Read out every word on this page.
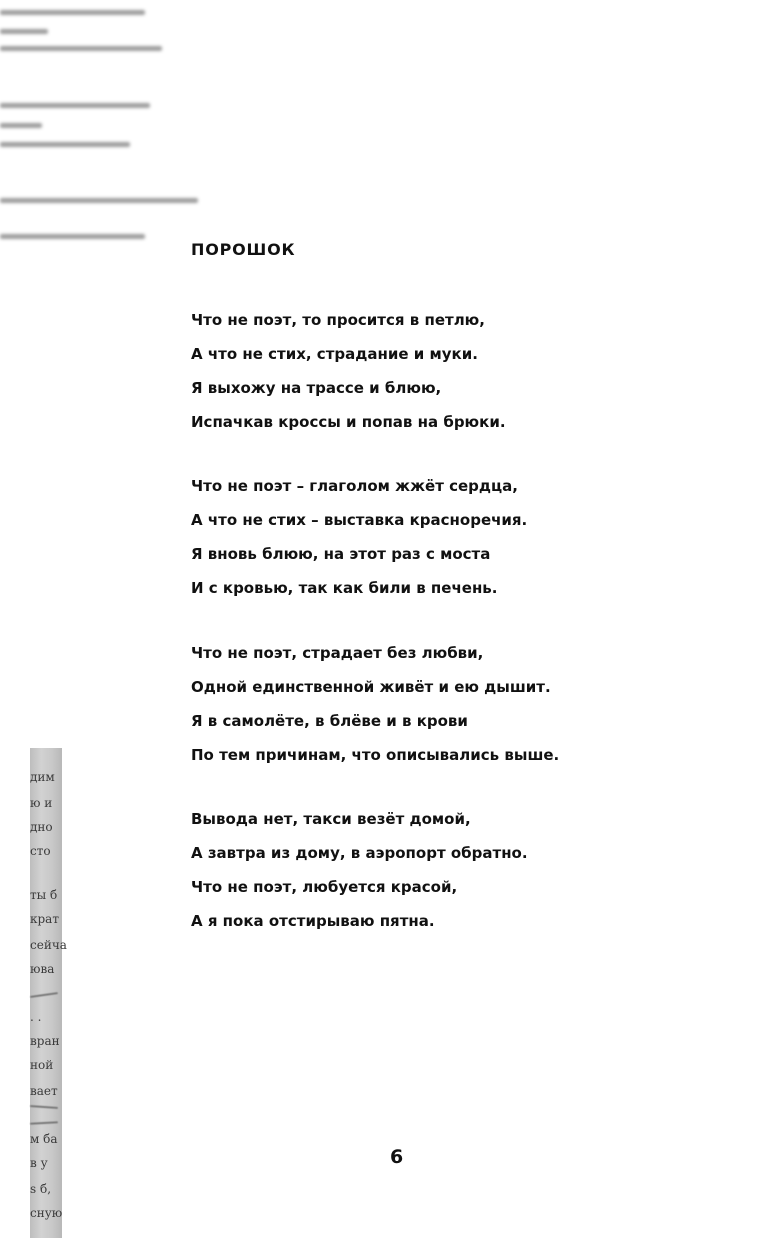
дим
ю и
дно
сто
ты б
крат
сейча
юва
. .
вран
ной
вает
м ба
в у
s б,
сную
ПОРОШОК
Что не поэт, то просится в петлю,
А что не стих, страдание и муки.
Я выхожу на трассе и блюю,
Испачкав кроссы и попав на брюки.
Что не поэт – глаголом жжёт сердца,
А что не стих – выставка красноречия.
Я вновь блюю, на этот раз с моста
И с кровью, так как били в печень.
Что не поэт, страдает без любви,
Одной единственной живёт и ею дышит.
Я в самолёте, в блёве и в крови
По тем причинам, что описывались выше.
Вывода нет, такси везёт домой,
А завтра из дому, в аэропорт обратно.
Что не поэт, любуется красой,
А я пока отстирываю пятна.
6
